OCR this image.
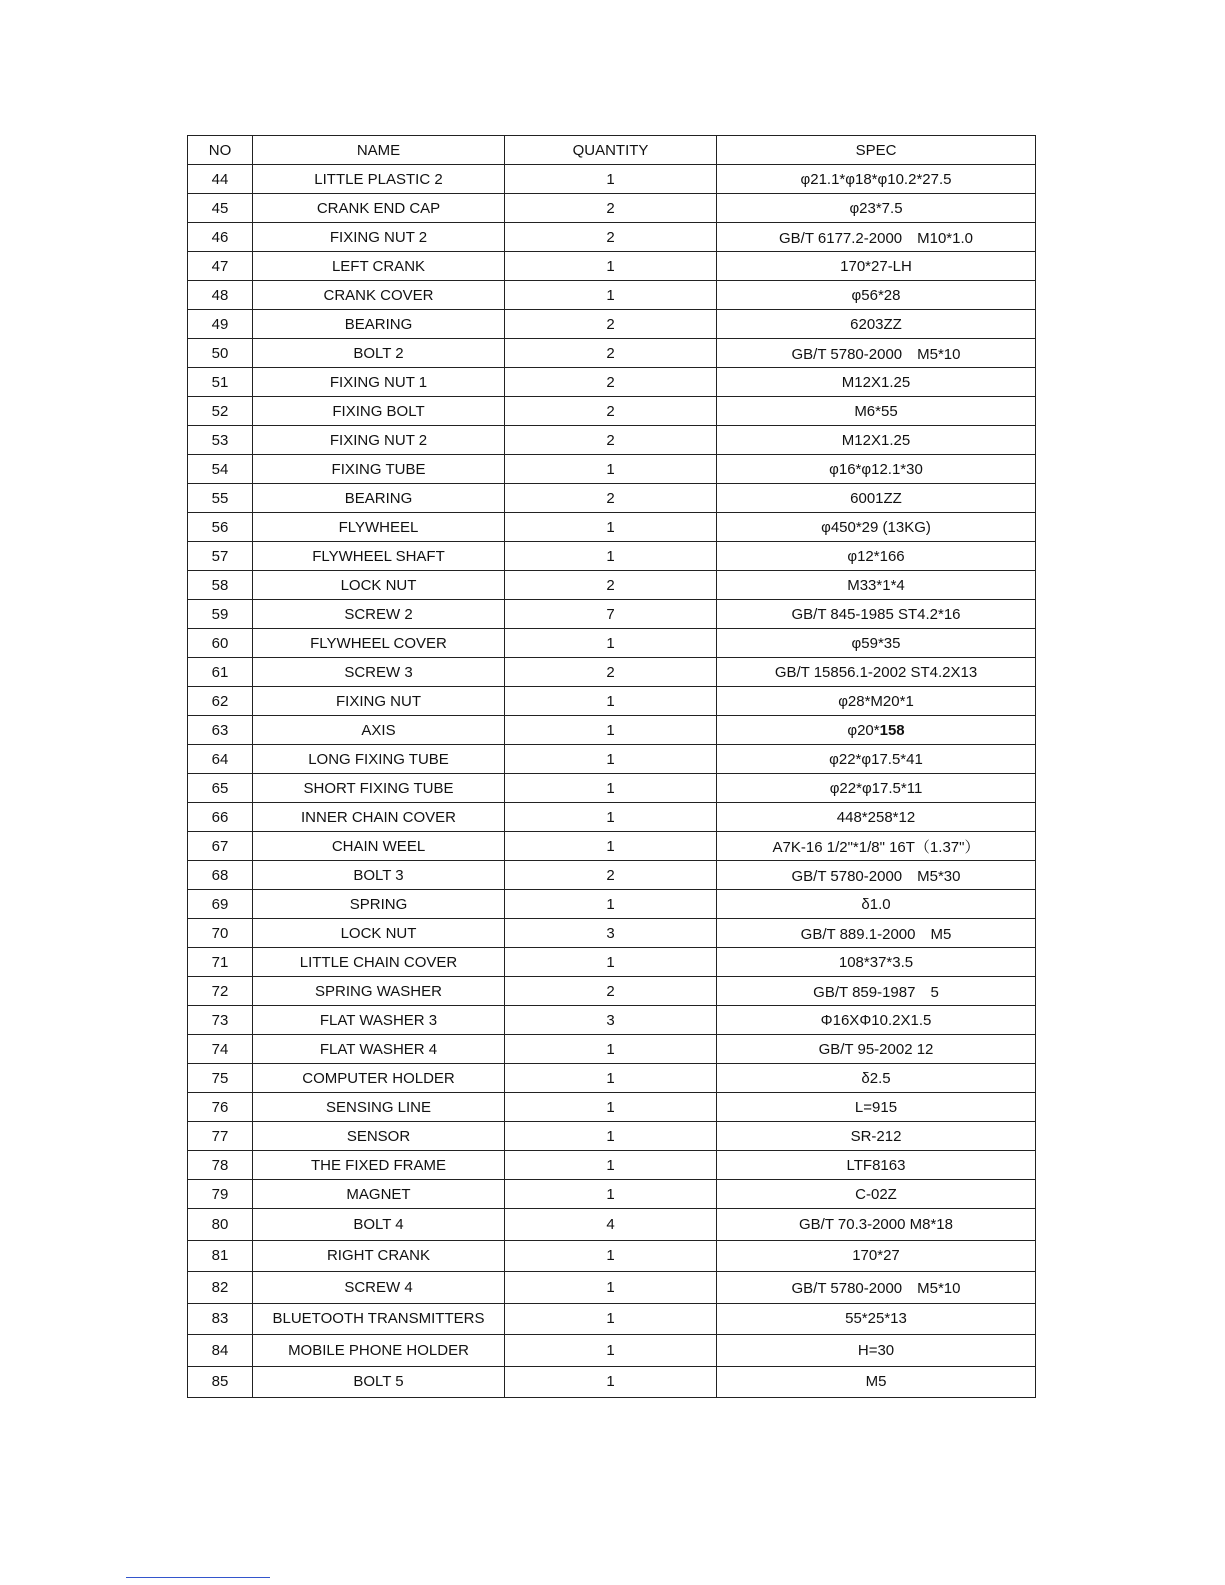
NO	NAME	QUANTITY	SPEC
44	LITTLE PLASTIC 2	1	φ21.1*φ18*φ10.2*27.5
45	CRANK END CAP	2	φ23*7.5
46	FIXING NUT 2	2	GB/T 6177.2-2000　M10*1.0
47	LEFT CRANK	1	170*27-LH
48	CRANK COVER	1	φ56*28
49	BEARING	2	6203ZZ
50	BOLT 2	2	GB/T 5780-2000　M5*10
51	FIXING NUT 1	2	M12X1.25
52	FIXING BOLT	2	M6*55
53	FIXING NUT 2	2	M12X1.25
54	FIXING TUBE	1	φ16*φ12.1*30
55	BEARING	2	6001ZZ
56	FLYWHEEL	1	φ450*29 (13KG)
57	FLYWHEEL SHAFT	1	φ12*166
58	LOCK NUT	2	M33*1*4
59	SCREW 2	7	GB/T 845-1985 ST4.2*16
60	FLYWHEEL COVER	1	φ59*35
61	SCREW 3	2	GB/T 15856.1-2002 ST4.2X13
62	FIXING NUT	1	φ28*M20*1
63	AXIS	1	φ20*158
64	LONG FIXING TUBE	1	φ22*φ17.5*41
65	SHORT FIXING TUBE	1	φ22*φ17.5*11
66	INNER CHAIN COVER	1	448*258*12
67	CHAIN WEEL	1	A7K-16 1/2"*1/8" 16T（1.37"）
68	BOLT 3	2	GB/T 5780-2000　M5*30
69	SPRING	1	δ1.0
70	LOCK NUT	3	GB/T 889.1-2000　M5
71	LITTLE CHAIN COVER	1	108*37*3.5
72	SPRING WASHER	2	GB/T 859-1987　5
73	FLAT WASHER 3	3	Φ16XΦ10.2X1.5
74	FLAT WASHER 4	1	GB/T 95-2002 12
75	COMPUTER HOLDER	1	δ2.5
76	SENSING LINE	1	L=915
77	SENSOR	1	SR-212
78	THE FIXED FRAME	1	LTF8163
79	MAGNET	1	C-02Z
80	BOLT 4	4	GB/T 70.3-2000 M8*18
81	RIGHT CRANK	1	170*27
82	SCREW 4	1	GB/T 5780-2000　M5*10
83	BLUETOOTH TRANSMITTERS	1	55*25*13
84	MOBILE PHONE HOLDER	1	H=30
85	BOLT 5	1	M5
